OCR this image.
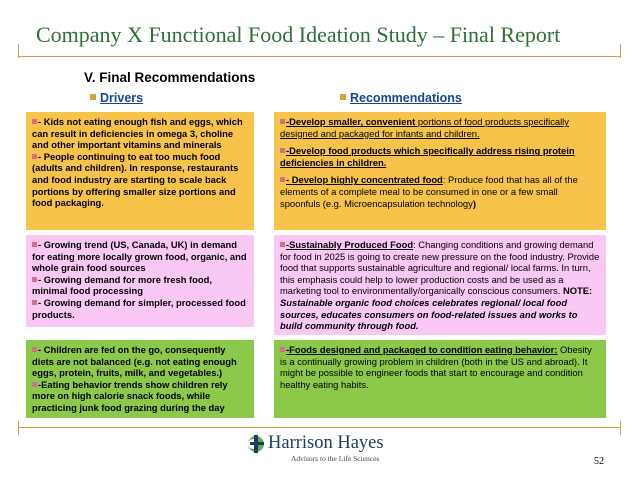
Company X Functional Food Ideation Study – Final Report
V. Final Recommendations
Drivers	Recommendations

- Kids not eating enough fish and eggs, which can result in deficiencies in omega 3, choline and other important vitamins and minerals

- People continuing to eat too much food (adults and children). In response, restaurants and food industry are starting to scale back portions by offering smaller size portions and food packaging.

- Growing trend (US, Canada, UK) in demand for eating more locally grown food, organic, and whole grain food sources

- Growing demand for more fresh food, minimal food processing

- Growing demand for simpler, processed food products.

- Children are fed on the go, consequently diets are not balanced (e.g. not eating enough eggs, protein, fruits, milk, and vegetables.)

-Eating behavior trends show children rely more on high calorie snack foods, while practicing junk food grazing during the day

-Develop smaller, convenient portions of food products specifically designed and packaged for infants and children.

-Develop food products which specifically address rising protein deficiencies in children.

- Develop highly concentrated food: Produce food that has all of the elements of a complete meal to be consumed in one or a few small spoonfuls (e.g. Microencapsulation technology)

-Sustainably Produced Food: Changing conditions and growing demand for food in 2025 is going to create new pressure on the food industry. Provide food that supports sustainable agriculture and regional/ local farms. In turn, this emphasis could help to lower production costs and be used as a marketing tool to environmentally/organically conscious consumers. NOTE: Sustainable organic food choices celebrates regional/ local food sources, educates consumers on food-related issues and works to build community through food.

-Foods designed and packaged to condition eating behavior: Obesity is a continually growing problem in children (both in the US and abroad). It might be possible to engineer foods that start to encourage and condition healthy eating habits.

Harrison Hayes
Advisors to the Life Sciences	52
